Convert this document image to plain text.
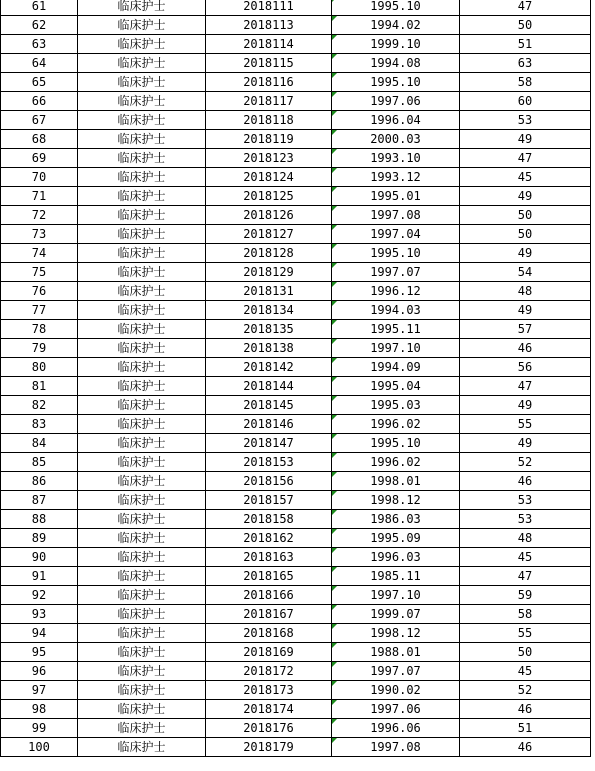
61	临床护士	2018111	1995.10	47
62	临床护士	2018113	1994.02	50
63	临床护士	2018114	1999.10	51
64	临床护士	2018115	1994.08	63
65	临床护士	2018116	1995.10	58
66	临床护士	2018117	1997.06	60
67	临床护士	2018118	1996.04	53
68	临床护士	2018119	2000.03	49
69	临床护士	2018123	1993.10	47
70	临床护士	2018124	1993.12	45
71	临床护士	2018125	1995.01	49
72	临床护士	2018126	1997.08	50
73	临床护士	2018127	1997.04	50
74	临床护士	2018128	1995.10	49
75	临床护士	2018129	1997.07	54
76	临床护士	2018131	1996.12	48
77	临床护士	2018134	1994.03	49
78	临床护士	2018135	1995.11	57
79	临床护士	2018138	1997.10	46
80	临床护士	2018142	1994.09	56
81	临床护士	2018144	1995.04	47
82	临床护士	2018145	1995.03	49
83	临床护士	2018146	1996.02	55
84	临床护士	2018147	1995.10	49
85	临床护士	2018153	1996.02	52
86	临床护士	2018156	1998.01	46
87	临床护士	2018157	1998.12	53
88	临床护士	2018158	1986.03	53
89	临床护士	2018162	1995.09	48
90	临床护士	2018163	1996.03	45
91	临床护士	2018165	1985.11	47
92	临床护士	2018166	1997.10	59
93	临床护士	2018167	1999.07	58
94	临床护士	2018168	1998.12	55
95	临床护士	2018169	1988.01	50
96	临床护士	2018172	1997.07	45
97	临床护士	2018173	1990.02	52
98	临床护士	2018174	1997.06	46
99	临床护士	2018176	1996.06	51
100	临床护士	2018179	1997.08	46
